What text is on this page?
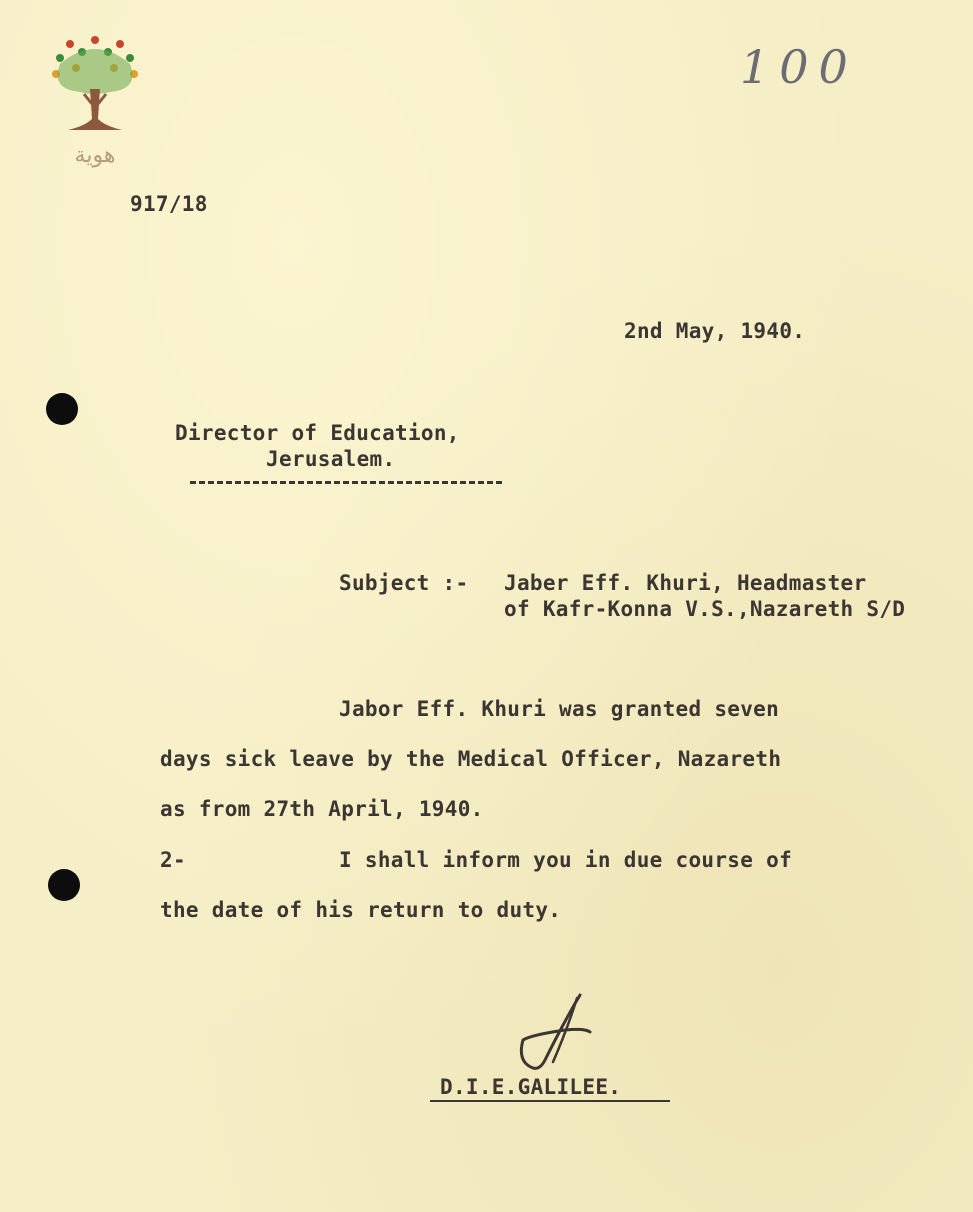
هوية
100
917/18
2nd May, 1940.
Director of Education,
Jerusalem.
Subject :- Jaber Eff. Khuri, Headmaster
of Kafr-Konna V.S.,Nazareth S/D
Jabor Eff. Khuri was granted seven
days sick leave by the Medical Officer, Nazareth
as from 27th April, 1940.
2-	I shall inform you in due course of
the date of his return to duty.
D.I.E.GALILEE.
